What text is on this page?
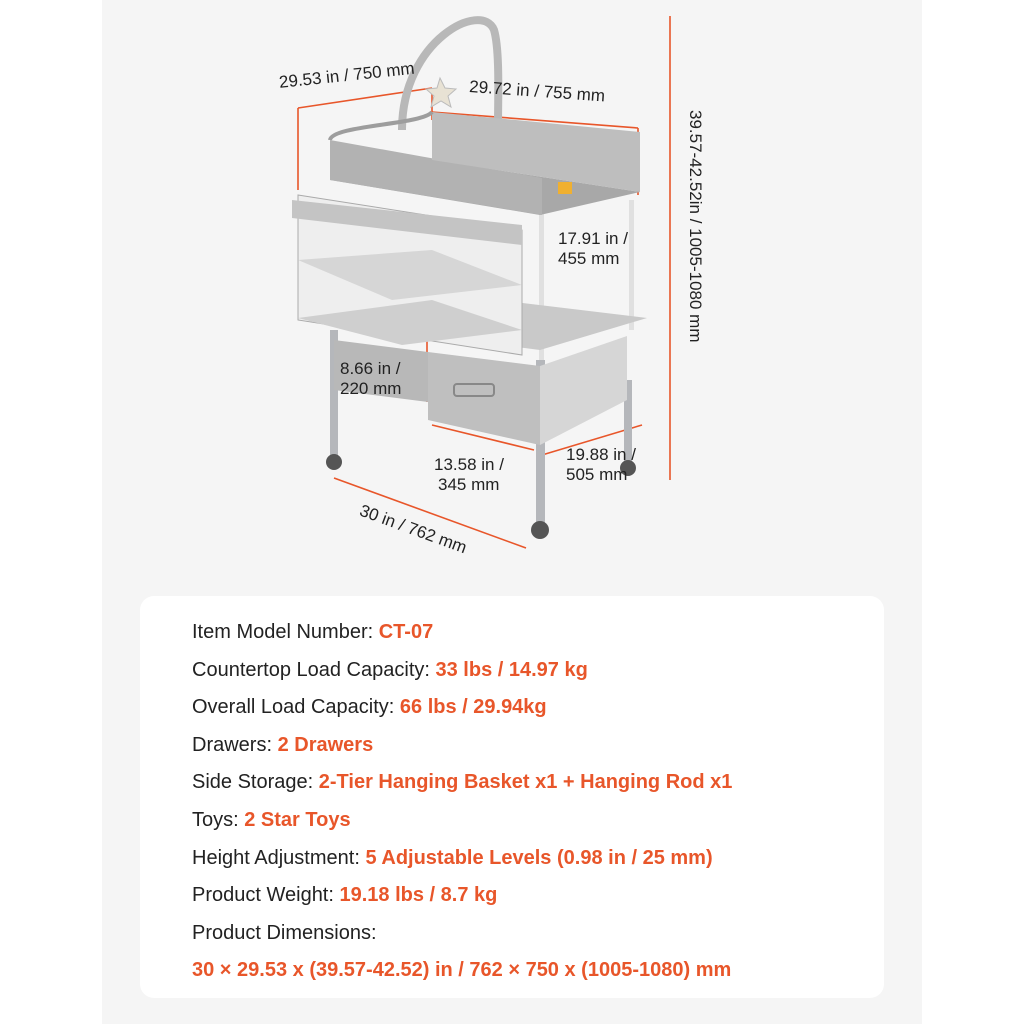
29.53 in / 750 mm	29.72 in / 755 mm
39.57-42.52in / 1005-1080 mm
17.91 in /
455 mm
8.66 in /
220 mm
13.58 in /
345 mm
19.88 in /
505 mm
30 in / 762 mm
Item Model Number: CT-07
Countertop Load Capacity: 33 lbs / 14.97 kg
Overall Load Capacity: 66 lbs / 29.94kg
Drawers: 2 Drawers
Side Storage: 2-Tier Hanging Basket x1 + Hanging Rod x1
Toys: 2 Star Toys
Height Adjustment: 5 Adjustable Levels (0.98 in / 25 mm)
Product Weight: 19.18 lbs / 8.7 kg
Product Dimensions:
30 × 29.53 x (39.57-42.52) in / 762 × 750 x (1005-1080) mm
